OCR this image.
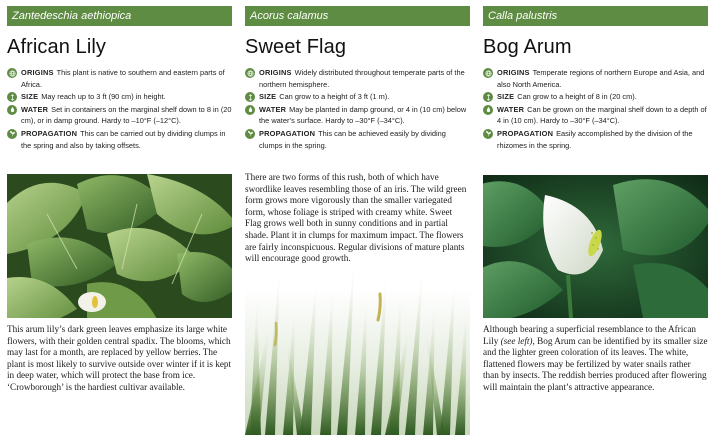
Zantedeschia aethiopica
African Lily
ORIGINS This plant is native to southern and eastern parts of Africa.
SIZE May reach up to 3 ft (90 cm) in height.
WATER Set in containers on the marginal shelf down to 8 in (20 cm), or in damp ground. Hardy to –10°F (–12°C).
PROPAGATION This can be carried out by dividing clumps in the spring and also by taking offsets.
This arum lily’s dark green leaves emphasize its large white flowers, with their golden central spadix. The blooms, which may last for a month, are replaced by yellow berries. The plant is most likely to survive outside over winter if it is kept in deep water, which will protect the base from ice. ‘Crowborough’ is the hardiest cultivar available.
Acorus calamus
Sweet Flag
ORIGINS Widely distributed throughout temperate parts of the northern hemisphere.
SIZE Can grow to a height of 3 ft (1 m).
WATER May be planted in damp ground, or 4 in (10 cm) below the water’s surface. Hardy to –30°F (–34°C).
PROPAGATION This can be achieved easily by dividing clumps in the spring.
There are two forms of this rush, both of which have swordlike leaves resembling those of an iris. The wild green form grows more vigorously than the smaller variegated form, whose foliage is striped with creamy white. Sweet Flag grows well both in sunny conditions and in partial shade. Plant it in clumps for maximum impact. The flowers are fairly inconspicuous. Regular divisions of mature plants will encourage good growth.
Calla palustris
Bog Arum
ORIGINS Temperate regions of northern Europe and Asia, and also North America.
SIZE Can grow to a height of 8 in (20 cm).
WATER Can be grown on the marginal shelf down to a depth of 4 in (10 cm). Hardy to –30°F (–34°C).
PROPAGATION Easily accomplished by the division of the rhizomes in the spring.
Although bearing a superficial resemblance to the African Lily (see left), Bog Arum can be identified by its smaller size and the lighter green coloration of its leaves. The white, flattened flowers may be fertilized by water snails rather than by insects. The reddish berries produced after flowering will maintain the plant’s attractive appearance.
